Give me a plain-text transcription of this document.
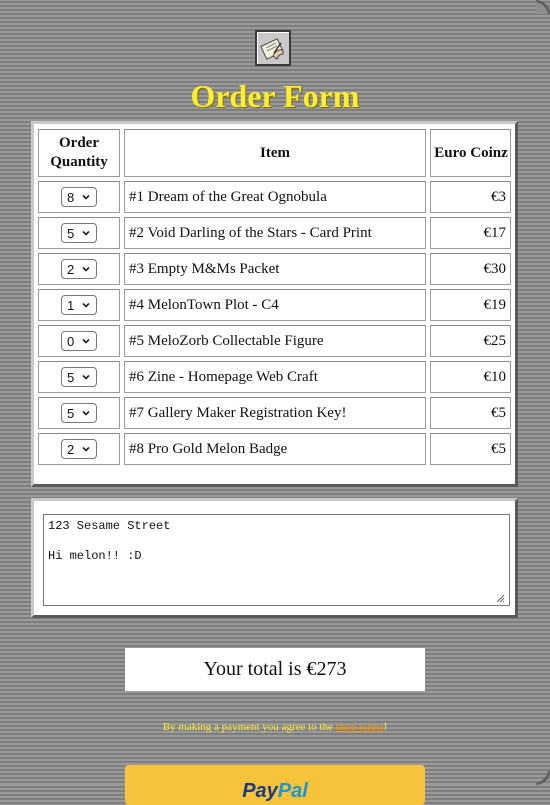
Order Form
Order Quantity	Item	Euro Coinz

8	#1 Dream of the Great Ognobula	€3

5	#2 Void Darling of the Stars - Card Print	€17

2	#3 Empty M&Ms Packet	€30

1	#4 MelonTown Plot - C4	€19

0	#5 MeloZorb Collectable Figure	€25

5	#6 Zine - Homepage Web Craft	€10

5	#7 Gallery Maker Registration Key!	€5

2	#8 Pro Gold Melon Badge	€5
123 Sesame Street

Hi melon!! :D
Your total is €273
By making a payment you agree to the shop terms!
PayPal
